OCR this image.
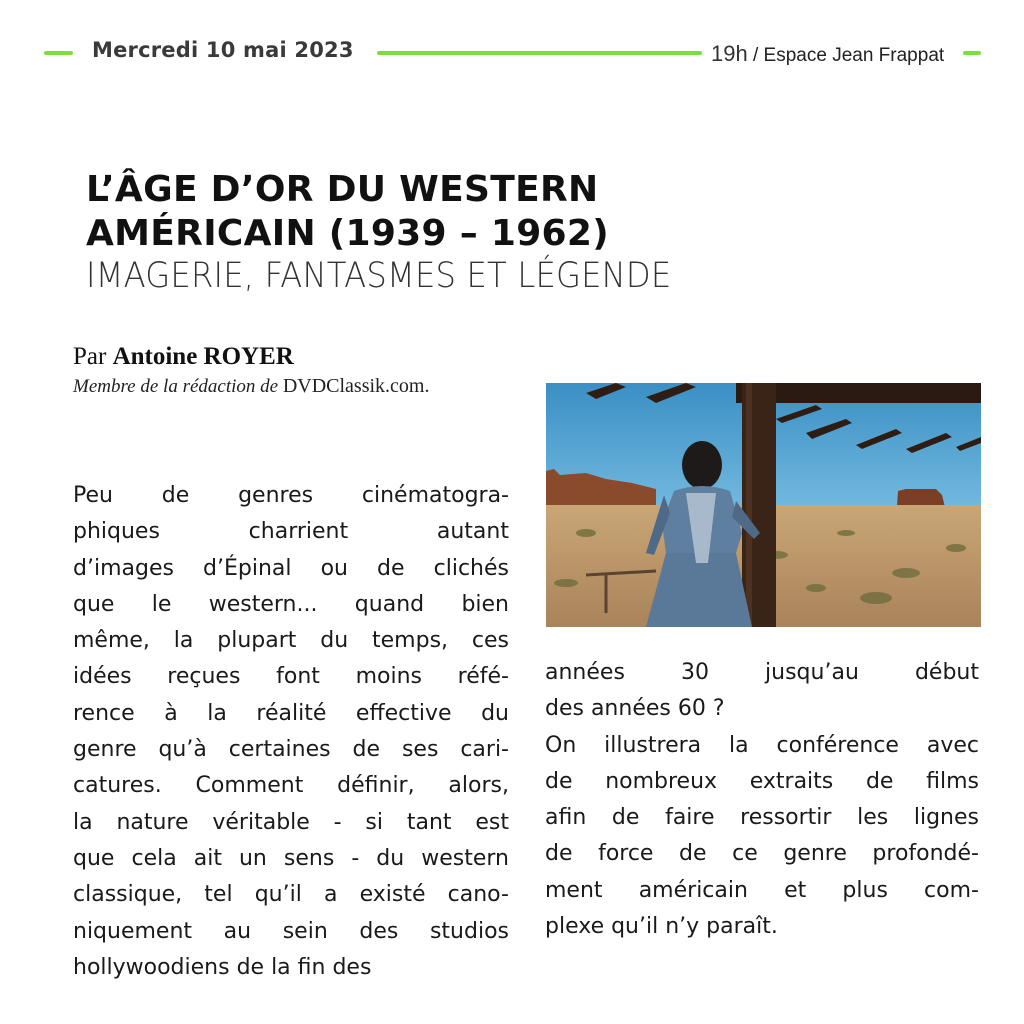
Mercredi 10 mai 2023	19h / Espace Jean Frappat
L’ÂGE D’OR DU WESTERN
AMÉRICAIN (1939 – 1962)
IMAGERIE, FANTASMES ET LÉGENDE
Par Antoine ROYER
Membre de la rédaction de DVDClassik.com.
Peu de genres cinématogra-
phiques charrient autant
d’images d’Épinal ou de clichés
que le western... quand bien
même, la plupart du temps, ces
idées reçues font moins réfé-
rence à la réalité effective du
genre qu’à certaines de ses cari-
catures. Comment définir, alors,
la nature véritable - si tant est
que cela ait un sens - du western
classique, tel qu’il a existé cano-
niquement au sein des studios
hollywoodiens de la fin des

années 30 jusqu’au début
des années 60 ?

On illustrera la conférence avec
de nombreux extraits de films
afin de faire ressortir les lignes
de force de ce genre profondé-
ment américain et plus com-
plexe qu’il n’y paraît.
